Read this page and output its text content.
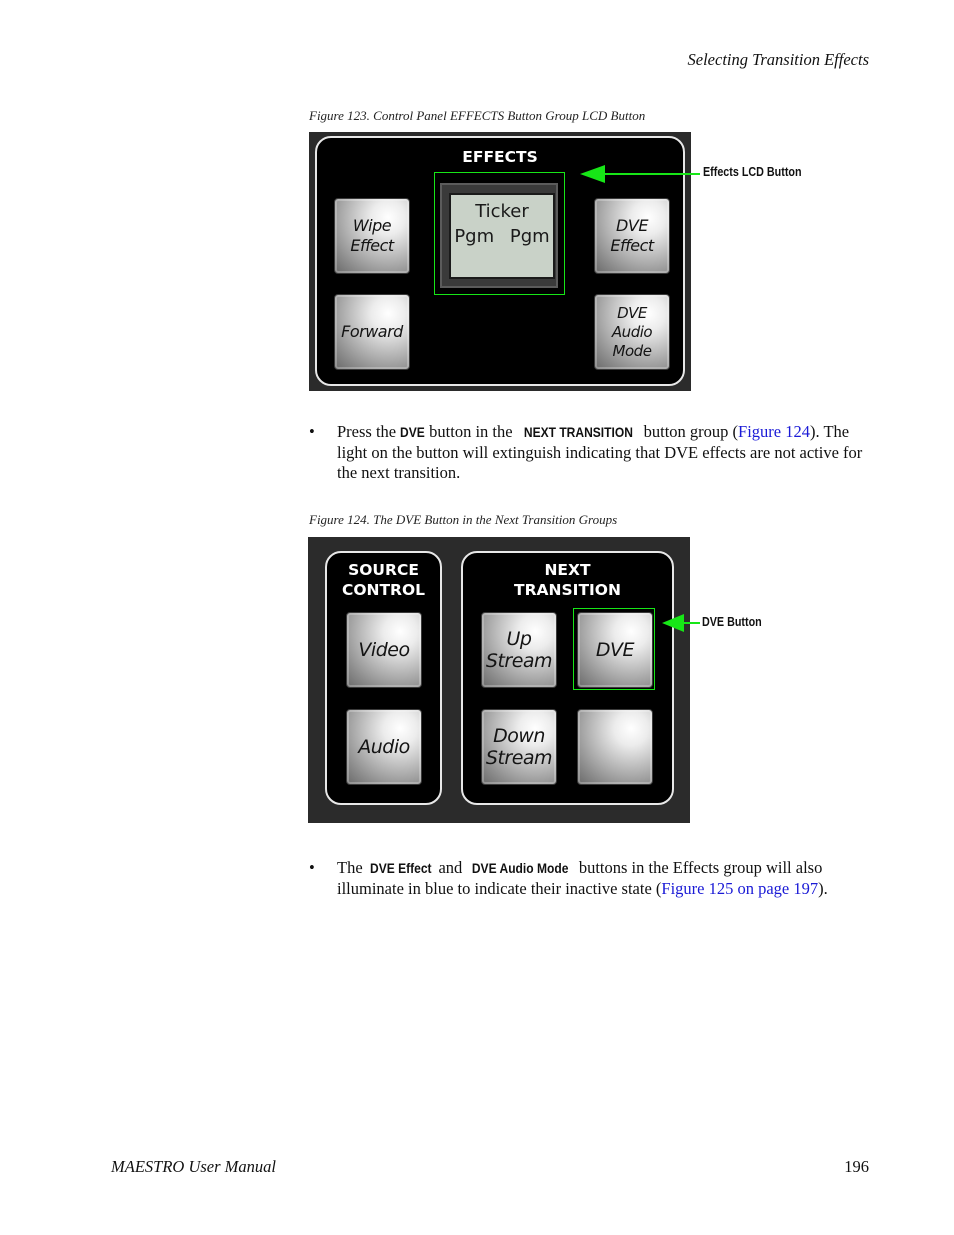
Selecting Transition Effects
Figure 123. Control Panel EFFECTS Button Group LCD Button
EFFECTS
Wipe
Effect
Forward
DVE
Effect
DVE
Audio
Mode
Ticker
Pgm Pgm
Effects LCD Button
• Press the DVE button in the NEXT TRANSITION button group (Figure 124). The light on the button will extinguish indicating that DVE effects are not active for the next transition.
Figure 124. The DVE Button in the Next Transition Groups
SOURCE
CONTROL
NEXT
TRANSITION
Video
Audio
Up
Stream DVE
Down
Stream
DVE Button
• The DVE Effect and DVE Audio Mode buttons in the Effects group will also illuminate in blue to indicate their inactive state (Figure 125 on page 197).
MAESTRO User Manual	196
